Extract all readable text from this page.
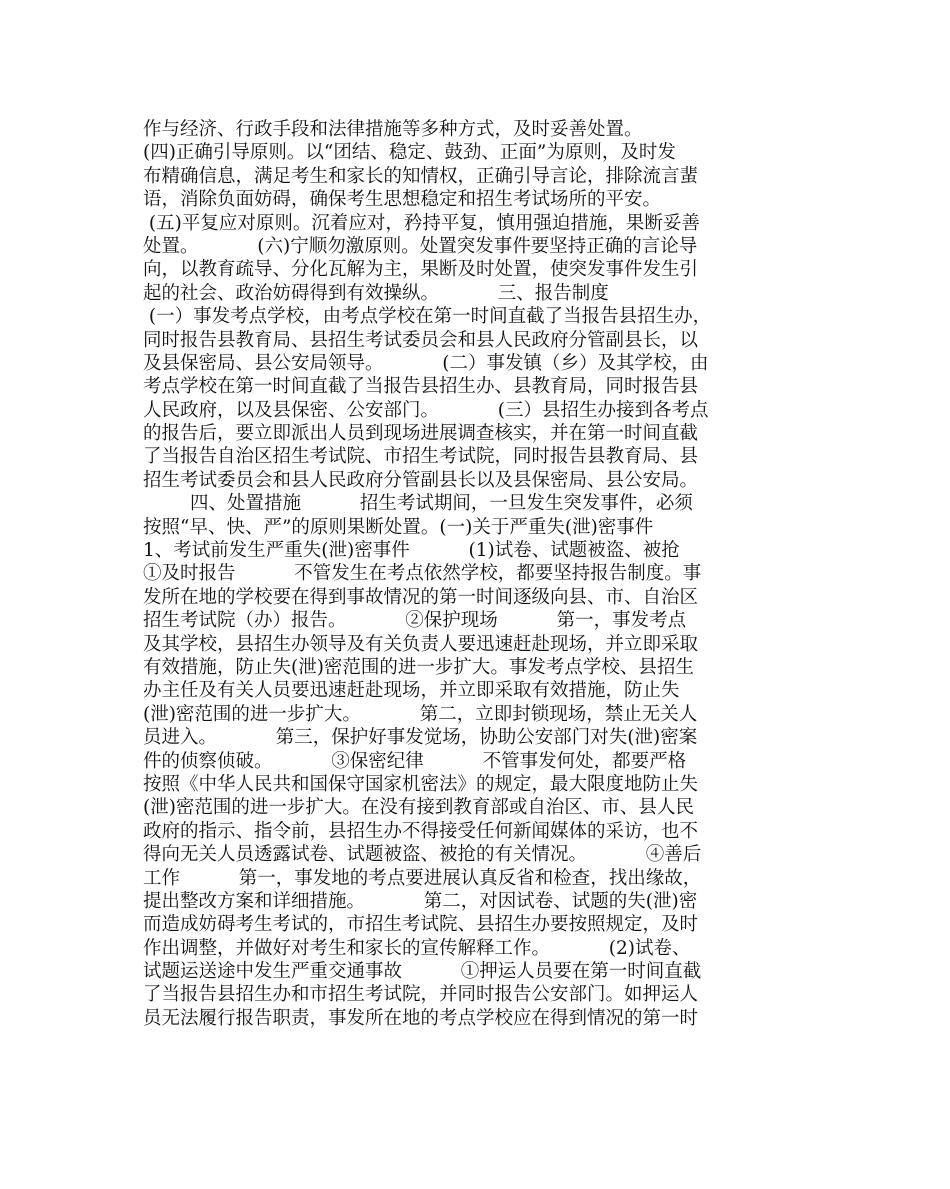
作与经济、行政手段和法律措施等多种方式，及时妥善处置。
(四)正确引导原则。以“团结、稳定、鼓劲、正面”为原则，及时发
布精确信息，满足考生和家长的知情权，正确引导言论，排除流言蜚
语，消除负面妨碍，确保考生思想稳定和招生考试场所的平安。
(五)平复应对原则。沉着应对，矜持平复，慎用强迫措施，果断妥善
处置。          (六)宁顺勿激原则。处置突发事件要坚持正确的言论导
向，以教育疏导、分化瓦解为主，果断及时处置，使突发事件发生引
起的社会、政治妨碍得到有效操纵。          三、报告制度
(一）事发考点学校，由考点学校在第一时间直截了当报告县招生办，
同时报告县教育局、县招生考试委员会和县人民政府分管副县长，以
及县保密局、县公安局领导。          (二）事发镇（乡）及其学校，由
考点学校在第一时间直截了当报告县招生办、县教育局，同时报告县
人民政府，以及县保密、公安部门。          (三）县招生办接到各考点
的报告后，要立即派出人员到现场进展调查核实，并在第一时间直截
了当报告自治区招生考试院、市招生考试院，同时报告县教育局、县
招生考试委员会和县人民政府分管副县长以及县保密局、县公安局。
四、处置措施          招生考试期间，一旦发生突发事件，必须
按照“早、快、严”的原则果断处置。(一)关于严重失(泄)密事件
1、考试前发生严重失(泄)密事件          (1)试卷、试题被盗、被抢
①及时报告          不管发生在考点依然学校，都要坚持报告制度。事
发所在地的学校要在得到事故情况的第一时间逐级向县、市、自治区
招生考试院（办）报告。          ②保护现场          第一，事发考点
及其学校，县招生办领导及有关负责人要迅速赶赴现场，并立即采取
有效措施，防止失(泄)密范围的进一步扩大。事发考点学校、县招生
办主任及有关人员要迅速赶赴现场，并立即采取有效措施，防止失
(泄)密范围的进一步扩大。          第二，立即封锁现场，禁止无关人
员进入。          第三，保护好事发觉场，协助公安部门对失(泄)密案
件的侦察侦破。          ③保密纪律          不管事发何处，都要严格
按照《中华人民共和国保守国家机密法》的规定，最大限度地防止失
(泄)密范围的进一步扩大。在没有接到教育部或自治区、市、县人民
政府的指示、指令前，县招生办不得接受任何新闻媒体的采访，也不
得向无关人员透露试卷、试题被盗、被抢的有关情况。          ④善后
工作          第一，事发地的考点要进展认真反省和检查，找出缘故，
提出整改方案和详细措施。          第二，对因试卷、试题的失(泄)密
而造成妨碍考生考试的，市招生考试院、县招生办要按照规定，及时
作出调整，并做好对考生和家长的宣传解释工作。          (2)试卷、
试题运送途中发生严重交通事故          ①押运人员要在第一时间直截
了当报告县招生办和市招生考试院，并同时报告公安部门。如押运人
员无法履行报告职责，事发所在地的考点学校应在得到情况的第一时
